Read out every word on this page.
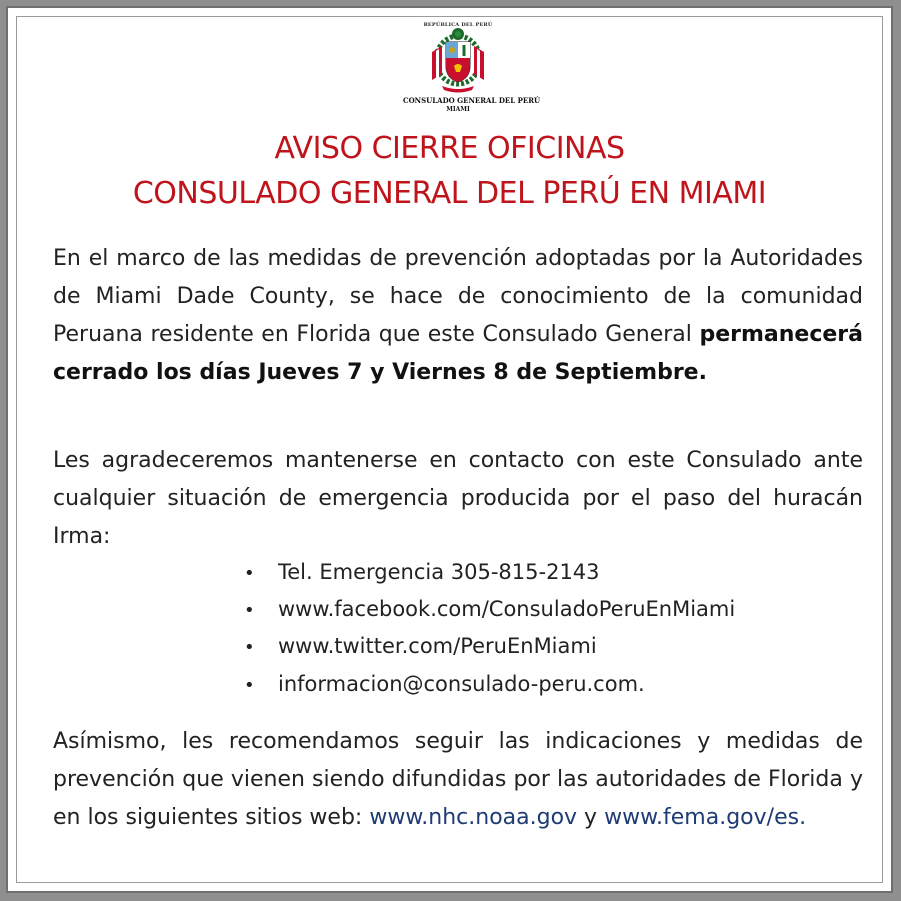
REPÚBLICA DEL PERÚ
CONSULADO GENERAL DEL PERÚ
MIAMI
AVISO CIERRE OFICINAS
CONSULADO GENERAL DEL PERÚ EN MIAMI

En el marco de las medidas de prevención adoptadas por la Autoridades de Miami Dade County, se hace de conocimiento de la comunidad Peruana residente en Florida que este Consulado General permanecerá cerrado los días Jueves 7 y Viernes 8 de Septiembre.

Les agradeceremos mantenerse en contacto con este Consulado ante cualquier situación de emergencia producida por el paso del huracán Irma:

• Tel. Emergencia 305-815-2143
• www.facebook.com/ConsuladoPeruEnMiami
• www.twitter.com/PeruEnMiami
• informacion@consulado-peru.com.

Asímismo, les recomendamos seguir las indicaciones y medidas de prevención que vienen siendo difundidas por las autoridades de Florida y en los siguientes sitios web: www.nhc.noaa.gov y www.fema.gov/es.
